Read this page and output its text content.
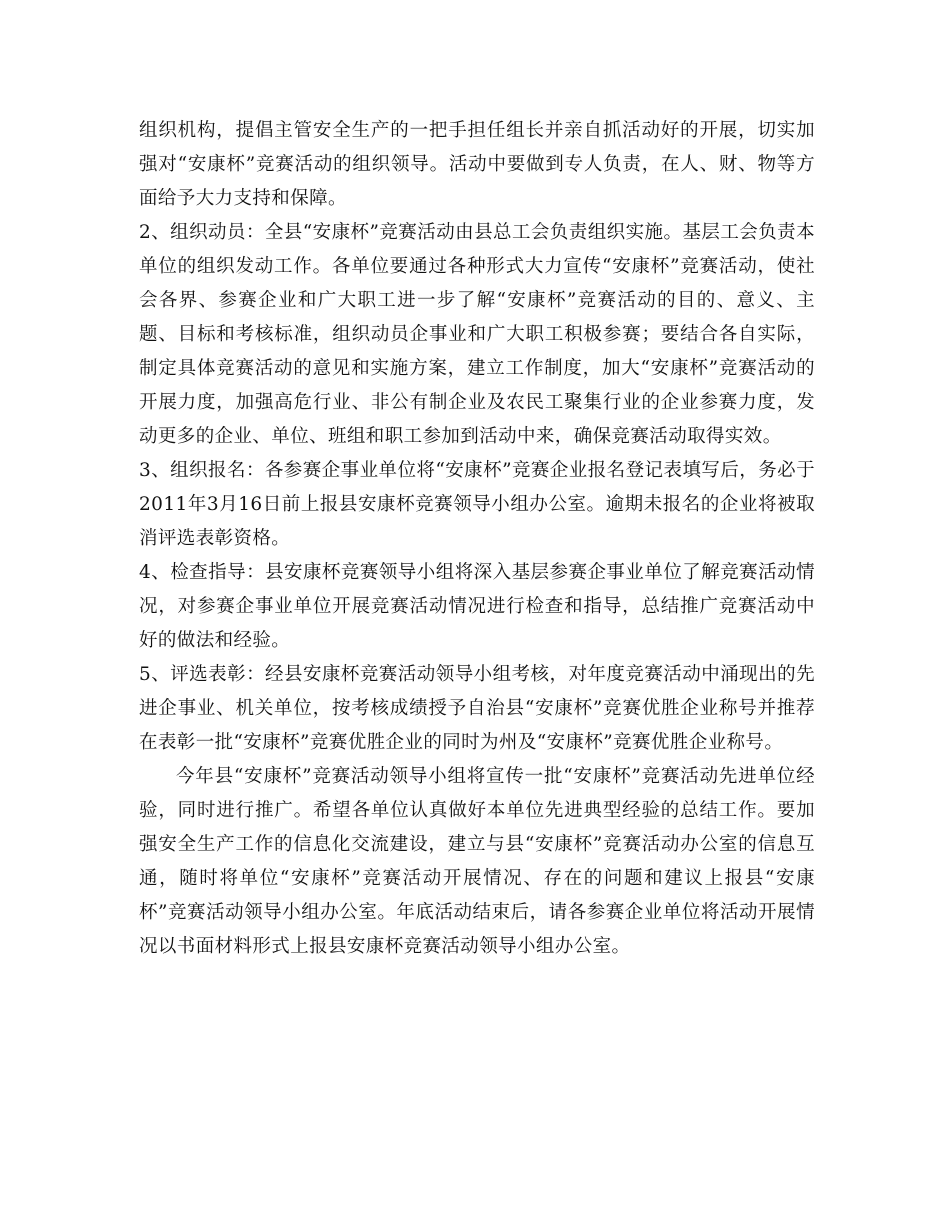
组织机构，提倡主管安全生产的一把手担任组长并亲自抓活动好的开展，切实加强对“安康杯”竞赛活动的组织领导。活动中要做到专人负责，在人、财、物等方面给予大力支持和保障。

2、组织动员：全县“安康杯”竞赛活动由县总工会负责组织实施。基层工会负责本单位的组织发动工作。各单位要通过各种形式大力宣传“安康杯”竞赛活动，使社会各界、参赛企业和广大职工进一步了解“安康杯”竞赛活动的目的、意义、主题、目标和考核标准，组织动员企事业和广大职工积极参赛；要结合各自实际，制定具体竞赛活动的意见和实施方案，建立工作制度，加大“安康杯”竞赛活动的开展力度，加强高危行业、非公有制企业及农民工聚集行业的企业参赛力度，发动更多的企业、单位、班组和职工参加到活动中来，确保竞赛活动取得实效。

3、组织报名：各参赛企事业单位将“安康杯”竞赛企业报名登记表填写后，务必于2011年3月16日前上报县安康杯竞赛领导小组办公室。逾期未报名的企业将被取消评选表彰资格。

4、检查指导：县安康杯竞赛领导小组将深入基层参赛企事业单位了解竞赛活动情况，对参赛企事业单位开展竞赛活动情况进行检查和指导，总结推广竞赛活动中好的做法和经验。

5、评选表彰：经县安康杯竞赛活动领导小组考核，对年度竞赛活动中涌现出的先进企事业、机关单位，按考核成绩授予自治县“安康杯”竞赛优胜企业称号并推荐在表彰一批“安康杯”竞赛优胜企业的同时为州及“安康杯”竞赛优胜企业称号。

今年县“安康杯”竞赛活动领导小组将宣传一批“安康杯”竞赛活动先进单位经验，同时进行推广。希望各单位认真做好本单位先进典型经验的总结工作。要加强安全生产工作的信息化交流建设，建立与县“安康杯”竞赛活动办公室的信息互通，随时将单位“安康杯”竞赛活动开展情况、存在的问题和建议上报县“安康杯”竞赛活动领导小组办公室。年底活动结束后，请各参赛企业单位将活动开展情况以书面材料形式上报县安康杯竞赛活动领导小组办公室。
